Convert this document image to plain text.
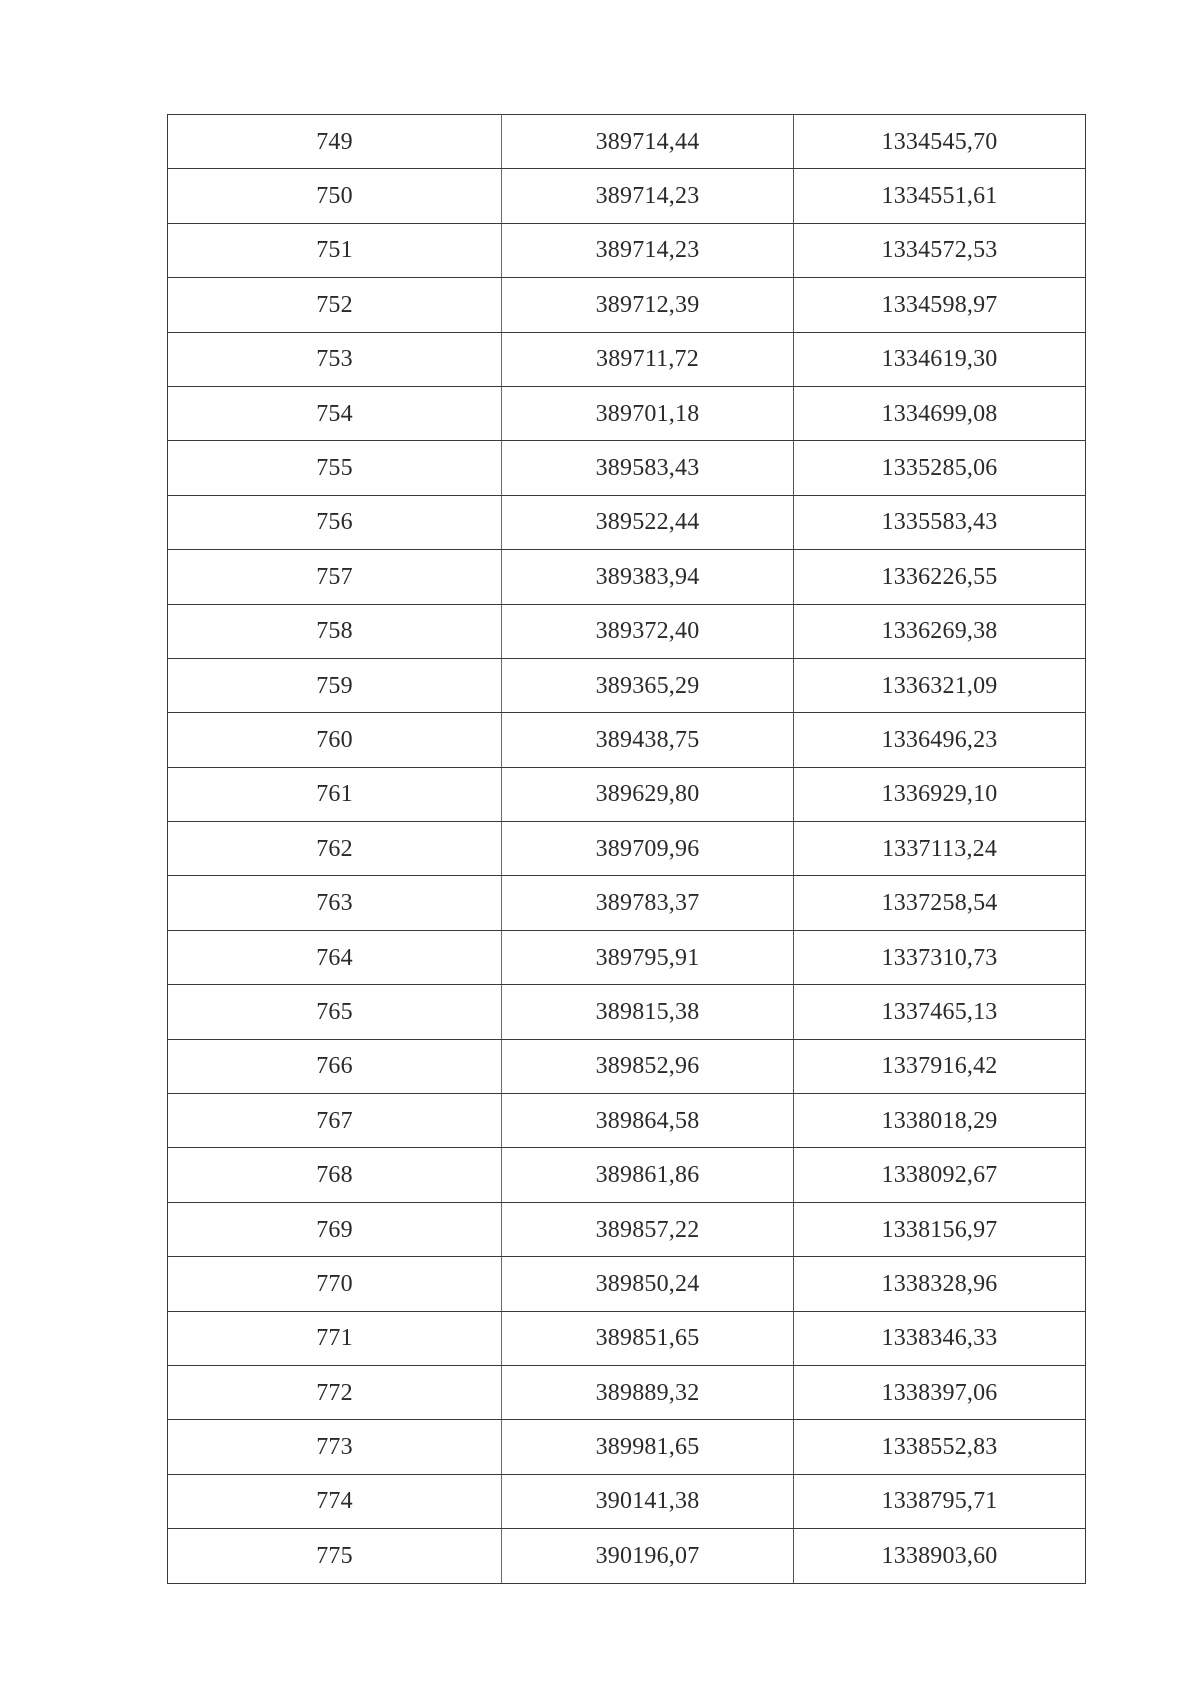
749	389714,44	1334545,70
750	389714,23	1334551,61
751	389714,23	1334572,53
752	389712,39	1334598,97
753	389711,72	1334619,30
754	389701,18	1334699,08
755	389583,43	1335285,06
756	389522,44	1335583,43
757	389383,94	1336226,55
758	389372,40	1336269,38
759	389365,29	1336321,09
760	389438,75	1336496,23
761	389629,80	1336929,10
762	389709,96	1337113,24
763	389783,37	1337258,54
764	389795,91	1337310,73
765	389815,38	1337465,13
766	389852,96	1337916,42
767	389864,58	1338018,29
768	389861,86	1338092,67
769	389857,22	1338156,97
770	389850,24	1338328,96
771	389851,65	1338346,33
772	389889,32	1338397,06
773	389981,65	1338552,83
774	390141,38	1338795,71
775	390196,07	1338903,60
